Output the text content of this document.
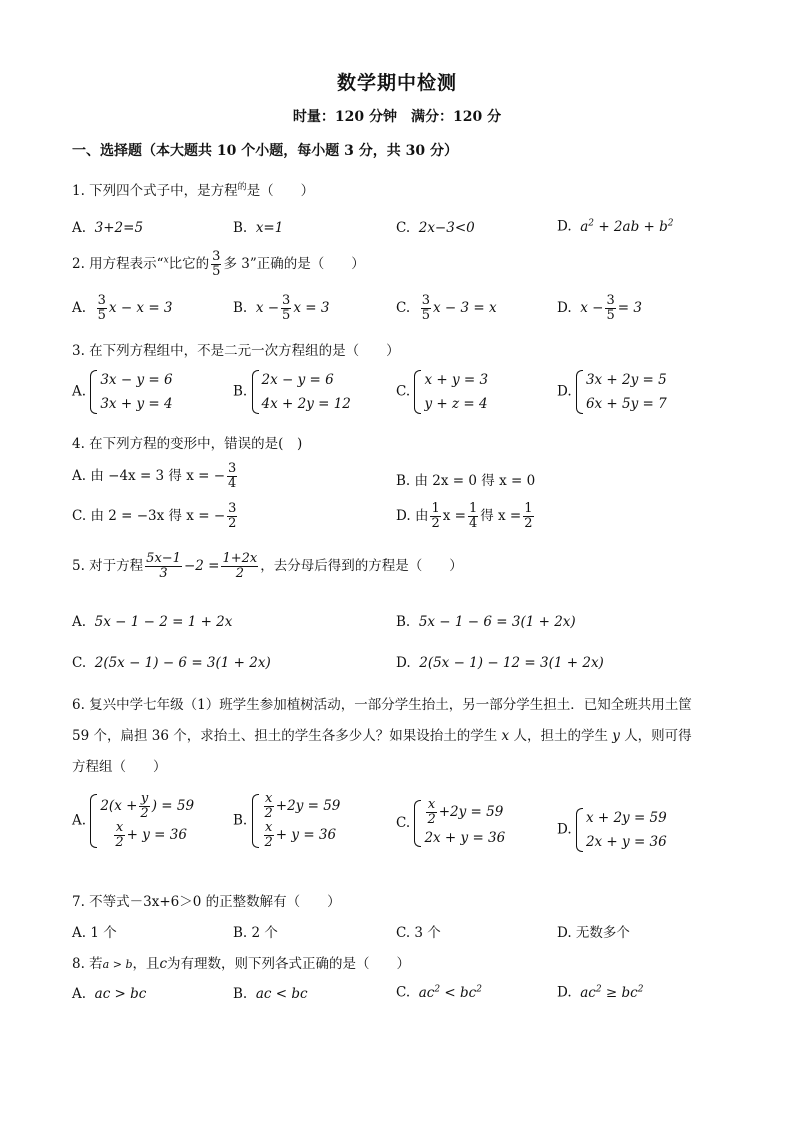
数学期中检测
时量：120 分钟　满分：120 分
一、选择题（本大题共 10 个小题，每小题 3 分，共 30 分）
1. 下列四个式子中，是方程$^的$是（　　）
A. 3+2=5	B. x=1	C. 2x−3<0	D. $a^2 + 2ab + b^2$
2. 用方程表示“$^x$比它的 $\frac{3}{5}$ 多 3”正确的是（　　）
A. $\frac{3}{5}$ x − x = 3	B. $x - \frac{3}{5}$ x = 3	C. $\frac{3}{5}$ x − 3 = x	D. $x - \frac{3}{5} = 3$
3. 在下列方程组中，不是二元一次方程组的是（　　）
A.
3x − y = 6
3x + y = 4
B.
2x − y = 6
4x + 2y = 12
C.
x + y = 3
y + z = 4
D.
3x + 2y = 5
6x + 5y = 7
4. 在下列方程的变形中，错误的是(　)
A. 由 −4x = 3 得 x = − $\frac{3}{4}$	B. 由 2x = 0 得 x = 0
C. 由 2 = −3x 得 x = − $\frac{3}{2}$	D. 由 $\frac{1}{2}$ $x = \frac{1}{4}$ 得 $x = \frac{1}{2}$
5. 对于方程 $\frac{5x-1}{3} -2 = \frac{1+2x}{2}$ ，去分母后得到的方程是（　　）
A. 5x − 1 − 2 = 1 + 2x	B. 5x − 1 − 6 = 3(1 + 2x)
C. 2(5x − 1) − 6 = 3(1 + 2x)	D. 2(5x − 1) − 12 = 3(1 + 2x)
6. 复兴中学七年级（1）班学生参加植树活动，一部分学生抬土，另一部分学生担土．已知全班共用土筐
59 个，扁担 36 个，求抬土、担土的学生各多少人？如果设抬土的学生 x 人，担土的学生 y 人，则可得
方程组（　　）
A.
$2(x + \frac{y}{2}$ ) = 59
$\frac{x}{2} + y = 36$
B. $\frac{x}{2} +2y = 59$
$\frac{x}{2} + y = 36$
C. $\frac{x}{2} +2y = 59$
2x + y = 36
D.
x + 2y = 59
2x + y = 36
7. 不等式－3x+6＞0 的正整数解有（　　）
A. 1 个	B. 2 个	C. 3 个	D. 无数多个
8. 若a > b，且c为有理数，则下列各式正确的是（　　）
A. ac > bc	B. ac < bc	C. $ac^2 < bc^2$	D. $ac^2 \ge bc^2$
